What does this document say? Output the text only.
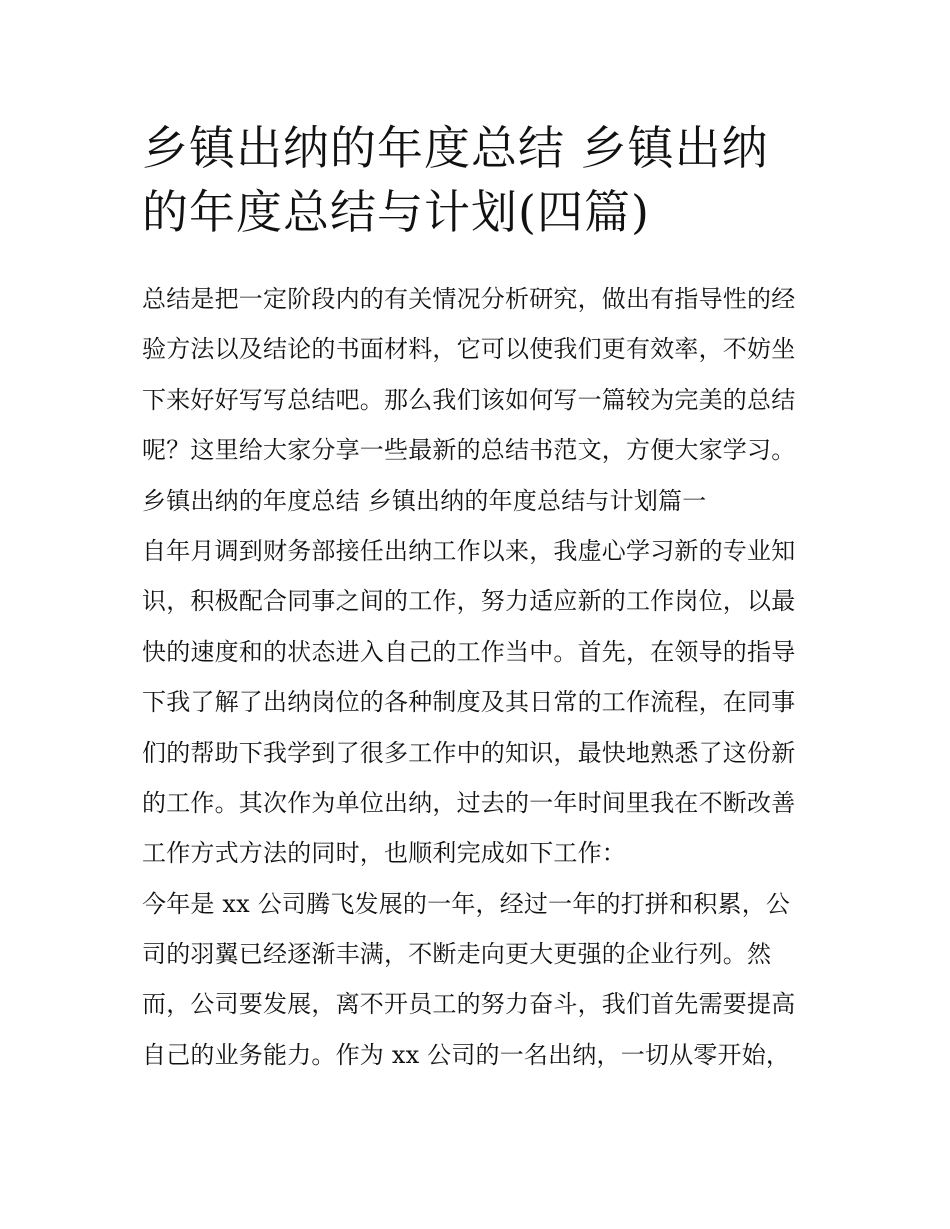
乡镇出纳的年度总结 乡镇出纳
的年度总结与计划(四篇)
总结是把一定阶段内的有关情况分析研究，做出有指导性的经
验方法以及结论的书面材料，它可以使我们更有效率，不妨坐
下来好好写写总结吧。那么我们该如何写一篇较为完美的总结
呢？这里给大家分享一些最新的总结书范文，方便大家学习。
乡镇出纳的年度总结 乡镇出纳的年度总结与计划篇一
自年月调到财务部接任出纳工作以来，我虚心学习新的专业知
识，积极配合同事之间的工作，努力适应新的工作岗位，以最
快的速度和的状态进入自己的工作当中。首先，在领导的指导
下我了解了出纳岗位的各种制度及其日常的工作流程，在同事
们的帮助下我学到了很多工作中的知识，最快地熟悉了这份新
的工作。其次作为单位出纳，过去的一年时间里我在不断改善
工作方式方法的同时，也顺利完成如下工作：
今年是 xx 公司腾飞发展的一年，经过一年的打拼和积累，公
司的羽翼已经逐渐丰满，不断走向更大更强的企业行列。然
而，公司要发展，离不开员工的努力奋斗，我们首先需要提高
自己的业务能力。作为 xx 公司的一名出纳，一切从零开始，
